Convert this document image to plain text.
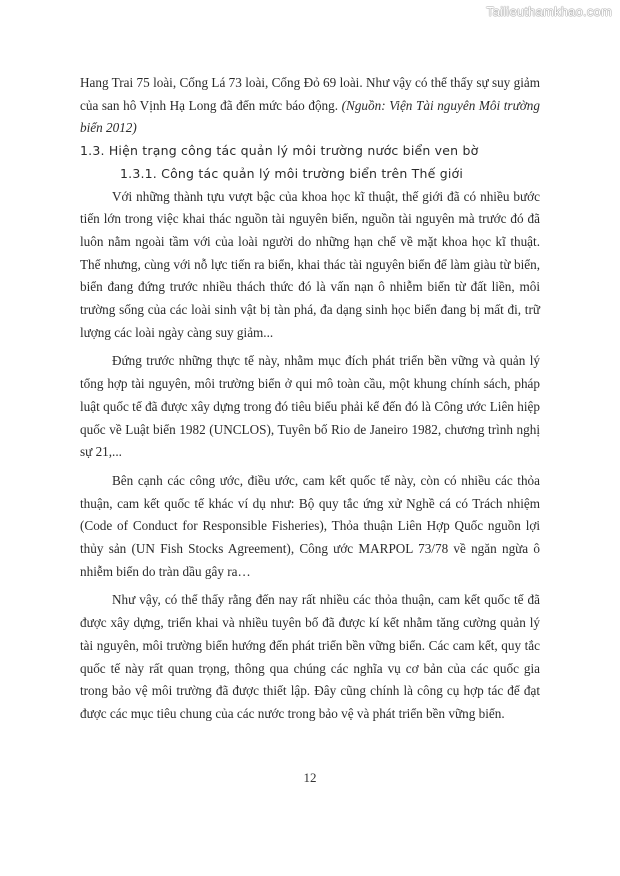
Tailieuthamkhao.com

Hang Trai 75 loài, Cống Lá 73 loài, Cống Đỏ 69 loài. Như vậy có thể thấy sự suy giảm của san hô Vịnh Hạ Long đã đến mức báo động. (Nguồn: Viện Tài nguyên Môi trường biển 2012)

1.3. Hiện trạng công tác quản lý môi trường nước biển ven bờ
1.3.1. Công tác quản lý môi trường biển trên Thế giới

Với những thành tựu vượt bậc của khoa học kĩ thuật, thế giới đã có nhiều bước tiến lớn trong việc khai thác nguồn tài nguyên biển, nguồn tài nguyên mà trước đó đã luôn nằm ngoài tầm với của loài người do những hạn chế về mặt khoa học kĩ thuật. Thế nhưng, cùng với nỗ lực tiến ra biển, khai thác tài nguyên biển để làm giàu từ biển, biển đang đứng trước nhiều thách thức đó là vấn nạn ô nhiễm biển từ đất liền, môi trường sống của các loài sinh vật bị tàn phá, đa dạng sinh học biển đang bị mất đi, trữ lượng các loài ngày càng suy giảm...

Đứng trước những thực tế này, nhằm mục đích phát triển bền vững và quản lý tổng hợp tài nguyên, môi trường biển ở qui mô toàn cầu, một khung chính sách, pháp luật quốc tế đã được xây dựng trong đó tiêu biểu phải kể đến đó là Công ước Liên hiệp quốc về Luật biển 1982 (UNCLOS), Tuyên bố Rio de Janeiro 1982, chương trình nghị sự 21,...

Bên cạnh các công ước, điều ước, cam kết quốc tế này, còn có nhiều các thỏa thuận, cam kết quốc tế khác ví dụ như: Bộ quy tắc ứng xử Nghề cá có Trách nhiệm (Code of Conduct for Responsible Fisheries), Thỏa thuận Liên Hợp Quốc nguồn lợi thủy sản (UN Fish Stocks Agreement), Công ước MARPOL 73/78 về ngăn ngừa ô nhiễm biển do tràn dầu gây ra…

Như vậy, có thể thấy rằng đến nay rất nhiều các thỏa thuận, cam kết quốc tế đã được xây dựng, triển khai và nhiều tuyên bố đã được kí kết nhằm tăng cường quản lý tài nguyên, môi trường biển hướng đến phát triển bền vững biển. Các cam kết, quy tắc quốc tế này rất quan trọng, thông qua chúng các nghĩa vụ cơ bản của các quốc gia trong bảo vệ môi trường đã được thiết lập. Đây cũng chính là công cụ hợp tác để đạt được các mục tiêu chung của các nước trong bảo vệ và phát triển bền vững biển.

12
